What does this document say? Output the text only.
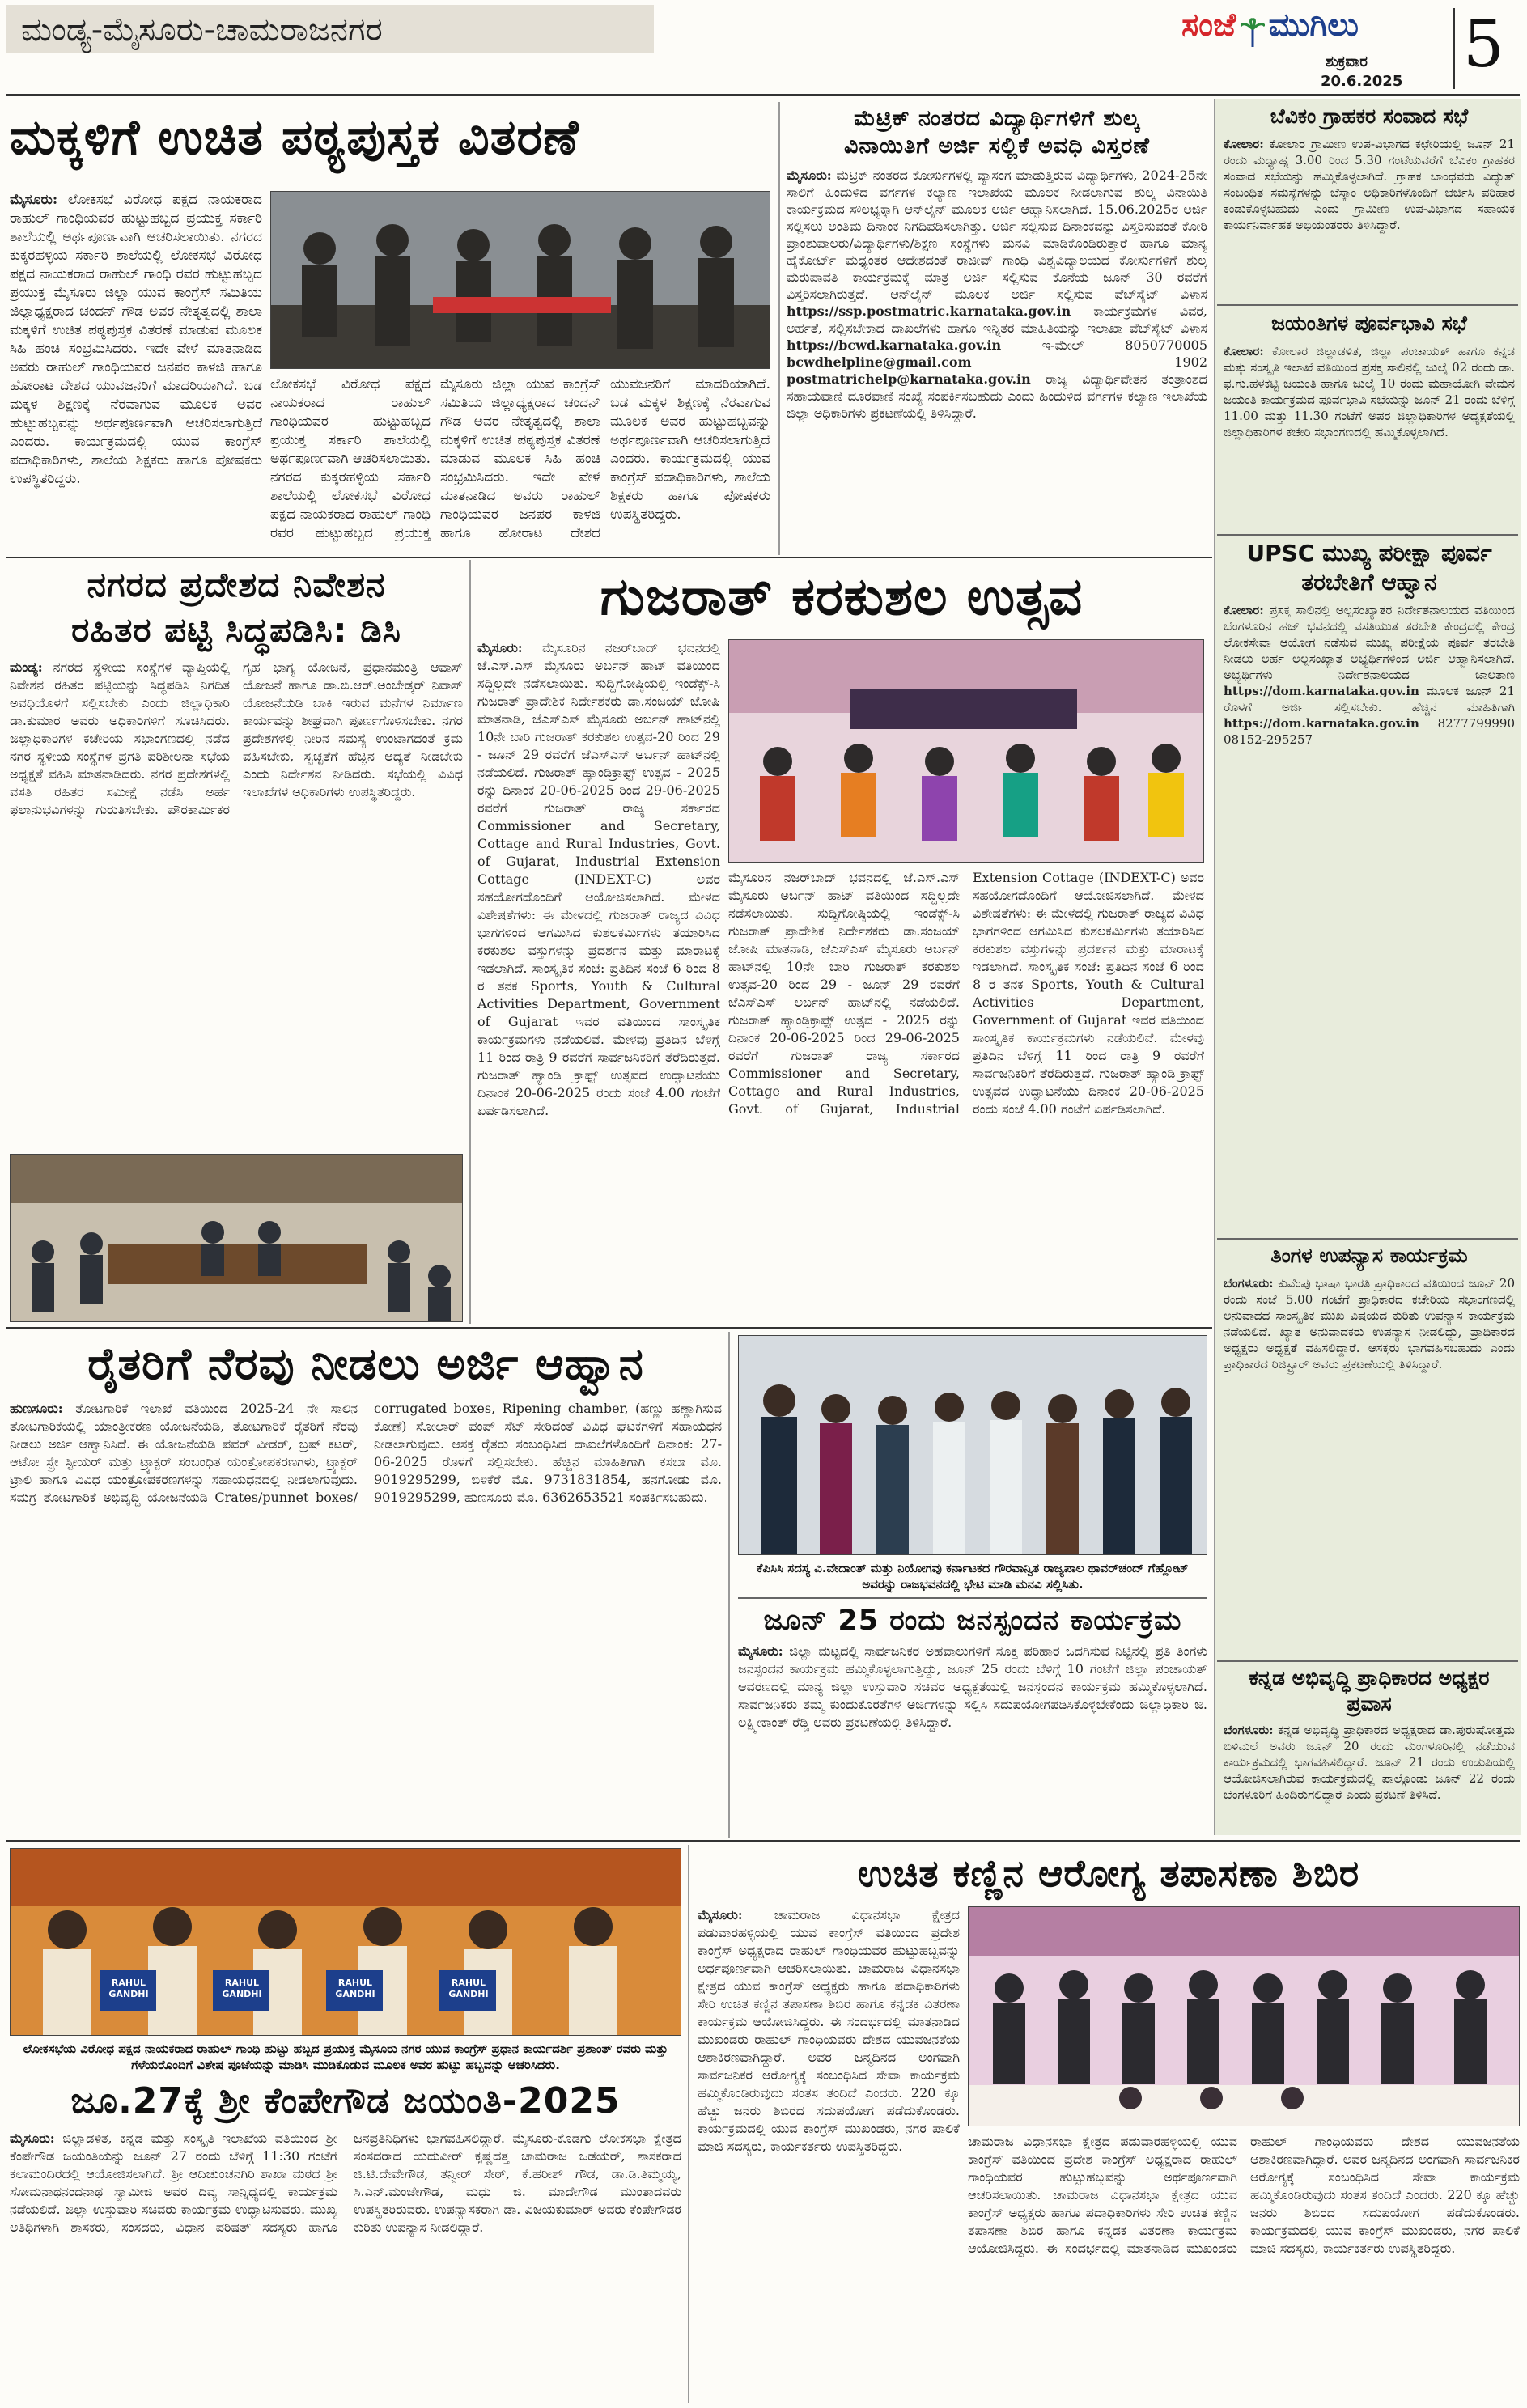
ಮಂಡ್ಯ-ಮೈಸೂರು-ಚಾಮರಾಜನಗರ	ಸಂಜೆ ಮುಗಿಲು
ಶುಕ್ರವಾರ
20.6.2025 5
ಮಕ್ಕಳಿಗೆ ಉಚಿತ ಪಠ್ಯಪುಸ್ತಕ ವಿತರಣೆ
ಮೈಸೂರು: ಲೋಕಸಭೆ ವಿರೋಧ ಪಕ್ಷದ ನಾಯಕರಾದ ರಾಹುಲ್ ಗಾಂಧಿಯವರ ಹುಟ್ಟುಹಬ್ಬದ ಪ್ರಯುಕ್ತ ಸರ್ಕಾರಿ ಶಾಲೆಯಲ್ಲಿ ಅರ್ಥಪೂರ್ಣವಾಗಿ ಆಚರಿಸಲಾಯಿತು. ನಗರದ ಕುಕ್ಕರಹಳ್ಳಿಯ ಸರ್ಕಾರಿ ಶಾಲೆಯಲ್ಲಿ ಲೋಕಸಭೆ ವಿರೋಧ ಪಕ್ಷದ ನಾಯಕರಾದ ರಾಹುಲ್ ಗಾಂಧಿ ರವರ ಹುಟ್ಟುಹಬ್ಬದ ಪ್ರಯುಕ್ತ ಮೈಸೂರು ಜಿಲ್ಲಾ ಯುವ ಕಾಂಗ್ರೆಸ್ ಸಮಿತಿಯ ಜಿಲ್ಲಾಧ್ಯಕ್ಷರಾದ ಚಂದನ್ ಗೌಡ ಅವರ ನೇತೃತ್ವದಲ್ಲಿ ಶಾಲಾ ಮಕ್ಕಳಿಗೆ ಉಚಿತ ಪಠ್ಯಪುಸ್ತಕ ವಿತರಣೆ ಮಾಡುವ ಮೂಲಕ ಸಿಹಿ ಹಂಚಿ ಸಂಭ್ರಮಿಸಿದರು. ಇದೇ ವೇಳೆ ಮಾತನಾಡಿದ ಅವರು ರಾಹುಲ್ ಗಾಂಧಿಯವರ ಜನಪರ ಕಾಳಜಿ ಹಾಗೂ ಹೋರಾಟ ದೇಶದ ಯುವಜನರಿಗೆ ಮಾದರಿಯಾಗಿದೆ. ಬಡ ಮಕ್ಕಳ ಶಿಕ್ಷಣಕ್ಕೆ ನೆರವಾಗುವ ಮೂಲಕ ಅವರ ಹುಟ್ಟುಹಬ್ಬವನ್ನು ಅರ್ಥಪೂರ್ಣವಾಗಿ ಆಚರಿಸಲಾಗುತ್ತಿದೆ ಎಂದರು. ಕಾರ್ಯಕ್ರಮದಲ್ಲಿ ಯುವ ಕಾಂಗ್ರೆಸ್ ಪದಾಧಿಕಾರಿಗಳು, ಶಾಲೆಯ ಶಿಕ್ಷಕರು ಹಾಗೂ ಪೋಷಕರು ಉಪಸ್ಥಿತರಿದ್ದರು.
ಲೋಕಸಭೆ ವಿರೋಧ ಪಕ್ಷದ ನಾಯಕರಾದ ರಾಹುಲ್ ಗಾಂಧಿಯವರ ಹುಟ್ಟುಹಬ್ಬದ ಪ್ರಯುಕ್ತ ಸರ್ಕಾರಿ ಶಾಲೆಯಲ್ಲಿ ಅರ್ಥಪೂರ್ಣವಾಗಿ ಆಚರಿಸಲಾಯಿತು. ನಗರದ ಕುಕ್ಕರಹಳ್ಳಿಯ ಸರ್ಕಾರಿ ಶಾಲೆಯಲ್ಲಿ ಲೋಕಸಭೆ ವಿರೋಧ ಪಕ್ಷದ ನಾಯಕರಾದ ರಾಹುಲ್ ಗಾಂಧಿ ರವರ ಹುಟ್ಟುಹಬ್ಬದ ಪ್ರಯುಕ್ತ ಮೈಸೂರು ಜಿಲ್ಲಾ ಯುವ ಕಾಂಗ್ರೆಸ್ ಸಮಿತಿಯ ಜಿಲ್ಲಾಧ್ಯಕ್ಷರಾದ ಚಂದನ್ ಗೌಡ ಅವರ ನೇತೃತ್ವದಲ್ಲಿ ಶಾಲಾ ಮಕ್ಕಳಿಗೆ ಉಚಿತ ಪಠ್ಯಪುಸ್ತಕ ವಿತರಣೆ ಮಾಡುವ ಮೂಲಕ ಸಿಹಿ ಹಂಚಿ ಸಂಭ್ರಮಿಸಿದರು. ಇದೇ ವೇಳೆ ಮಾತನಾಡಿದ ಅವರು ರಾಹುಲ್ ಗಾಂಧಿಯವರ ಜನಪರ ಕಾಳಜಿ ಹಾಗೂ ಹೋರಾಟ ದೇಶದ ಯುವಜನರಿಗೆ ಮಾದರಿಯಾಗಿದೆ. ಬಡ ಮಕ್ಕಳ ಶಿಕ್ಷಣಕ್ಕೆ ನೆರವಾಗುವ ಮೂಲಕ ಅವರ ಹುಟ್ಟುಹಬ್ಬವನ್ನು ಅರ್ಥಪೂರ್ಣವಾಗಿ ಆಚರಿಸಲಾಗುತ್ತಿದೆ ಎಂದರು. ಕಾರ್ಯಕ್ರಮದಲ್ಲಿ ಯುವ ಕಾಂಗ್ರೆಸ್ ಪದಾಧಿಕಾರಿಗಳು, ಶಾಲೆಯ ಶಿಕ್ಷಕರು ಹಾಗೂ ಪೋಷಕರು ಉಪಸ್ಥಿತರಿದ್ದರು.
ಮೆಟ್ರಿಕ್ ನಂತರದ ವಿದ್ಯಾರ್ಥಿಗಳಿಗೆ ಶುಲ್ಕ
ವಿನಾಯಿತಿಗೆ ಅರ್ಜಿ ಸಲ್ಲಿಕೆ ಅವಧಿ ವಿಸ್ತರಣೆ
ಮೈಸೂರು: ಮೆಟ್ರಿಕ್ ನಂತರದ ಕೋರ್ಸುಗಳಲ್ಲಿ ವ್ಯಾಸಂಗ ಮಾಡುತ್ತಿರುವ ವಿದ್ಯಾರ್ಥಿಗಳು, 2024-25ನೇ ಸಾಲಿಗೆ ಹಿಂದುಳಿದ ವರ್ಗಗಳ ಕಲ್ಯಾಣ ಇಲಾಖೆಯ ಮೂಲಕ ನೀಡಲಾಗುವ ಶುಲ್ಕ ವಿನಾಯಿತಿ ಕಾರ್ಯಕ್ರಮದ ಸೌಲಭ್ಯಕ್ಕಾಗಿ ಆನ್‌ಲೈನ್ ಮೂಲಕ ಅರ್ಜಿ ಆಹ್ವಾನಿಸಲಾಗಿದೆ. 15.06.2025ರ ಅರ್ಜಿ ಸಲ್ಲಿಸಲು ಅಂತಿಮ ದಿನಾಂಕ ನಿಗದಿಪಡಿಸಲಾಗಿತ್ತು. ಅರ್ಜಿ ಸಲ್ಲಿಸುವ ದಿನಾಂಕವನ್ನು ವಿಸ್ತರಿಸುವಂತೆ ಕೋರಿ ಪ್ರಾಂಶುಪಾಲರು/ವಿದ್ಯಾರ್ಥಿಗಳು/ಶಿಕ್ಷಣ ಸಂಸ್ಥೆಗಳು ಮನವಿ ಮಾಡಿಕೊಂಡಿರುತ್ತಾರೆ ಹಾಗೂ ಮಾನ್ಯ ಹೈಕೋರ್ಟ್ ಮಧ್ಯಂತರ ಆದೇಶದಂತೆ ರಾಜೀವ್ ಗಾಂಧಿ ವಿಶ್ವವಿದ್ಯಾಲಯದ ಕೋರ್ಸುಗಳಿಗೆ ಶುಲ್ಕ ಮರುಪಾವತಿ ಕಾರ್ಯಕ್ರಮಕ್ಕೆ ಮಾತ್ರ ಅರ್ಜಿ ಸಲ್ಲಿಸುವ ಕೊನೆಯ ಜೂನ್ 30 ರವರೆಗೆ ವಿಸ್ತರಿಸಲಾಗಿರುತ್ತದೆ. ಆನ್‌ಲೈನ್ ಮೂಲಕ ಅರ್ಜಿ ಸಲ್ಲಿಸುವ ವೆಬ್‌ಸೈಟ್ ವಿಳಾಸ https://ssp.postmatric.karnataka.gov.in ಕಾರ್ಯಕ್ರಮಗಳ ವಿವರ, ಅರ್ಹತೆ, ಸಲ್ಲಿಸಬೇಕಾದ ದಾಖಲೆಗಳು ಹಾಗೂ ಇನ್ನಿತರ ಮಾಹಿತಿಯನ್ನು ಇಲಾಖಾ ವೆಬ್‌ಸೈಟ್ ವಿಳಾಸ https://bcwd.karnataka.gov.in	ಇ-ಮೇಲ್	8050770005 bcwdhelpline@gmail.com	1902 postmatrichelp@karnataka.gov.in ರಾಜ್ಯ ವಿದ್ಯಾರ್ಥಿವೇತನ ತಂತ್ರಾಂಶದ ಸಹಾಯವಾಣಿ ದೂರವಾಣಿ ಸಂಖ್ಯೆ ಸಂಪರ್ಕಿಸಬಹುದು ಎಂದು ಹಿಂದುಳಿದ ವರ್ಗಗಳ ಕಲ್ಯಾಣ ಇಲಾಖೆಯ ಜಿಲ್ಲಾ ಅಧಿಕಾರಿಗಳು ಪ್ರಕಟಣೆಯಲ್ಲಿ ತಿಳಿಸಿದ್ದಾರೆ.
ಬೆವಿಕಂ ಗ್ರಾಹಕರ ಸಂವಾದ ಸಭೆ
ಕೋಲಾರ: ಕೋಲಾರ ಗ್ರಾಮೀಣ ಉಪ-ವಿಭಾಗದ ಕಛೇರಿಯಲ್ಲಿ ಜೂನ್ 21 ರಂದು ಮಧ್ಯಾಹ್ನ 3.00 ರಿಂದ 5.30 ಗಂಟೆಯವರೆಗೆ ಬೆವಿಕಂ ಗ್ರಾಹಕರ ಸಂವಾದ ಸಭೆಯನ್ನು ಹಮ್ಮಿಕೊಳ್ಳಲಾಗಿದೆ. ಗ್ರಾಹಕ ಬಾಂಧವರು ವಿದ್ಯುತ್ ಸಂಬಂಧಿತ ಸಮಸ್ಯೆಗಳನ್ನು ಬೆಸ್ಕಾಂ ಅಧಿಕಾರಿಗಳೊಂದಿಗೆ ಚರ್ಚಿಸಿ ಪರಿಹಾರ ಕಂಡುಕೊಳ್ಳಬಹುದು ಎಂದು ಗ್ರಾಮೀಣ ಉಪ-ವಿಭಾಗದ ಸಹಾಯಕ ಕಾರ್ಯನಿರ್ವಾಹಕ ಅಭಿಯಂತರರು ತಿಳಿಸಿದ್ದಾರೆ.
ಜಯಂತಿಗಳ ಪೂರ್ವಭಾವಿ ಸಭೆ
ಕೋಲಾರ: ಕೋಲಾರ ಜಿಲ್ಲಾಡಳಿತ, ಜಿಲ್ಲಾ ಪಂಚಾಯತ್ ಹಾಗೂ ಕನ್ನಡ ಮತ್ತು ಸಂಸ್ಕೃತಿ ಇಲಾಖೆ ವತಿಯಿಂದ ಪ್ರಸಕ್ತ ಸಾಲಿನಲ್ಲಿ ಜುಲೈ 02 ರಂದು ಡಾ. ಫ.ಗು.ಹಳಕಟ್ಟಿ ಜಯಂತಿ ಹಾಗೂ ಜುಲೈ 10 ರಂದು ಮಹಾಯೋಗಿ ವೇಮನ ಜಯಂತಿ ಕಾರ್ಯಕ್ರಮದ ಪೂರ್ವಭಾವಿ ಸಭೆಯನ್ನು ಜೂನ್ 21 ರಂದು ಬೆಳಿಗ್ಗೆ 11.00 ಮತ್ತು 11.30 ಗಂಟೆಗೆ ಅಪರ ಜಿಲ್ಲಾಧಿಕಾರಿಗಳ ಅಧ್ಯಕ್ಷತೆಯಲ್ಲಿ ಜಿಲ್ಲಾಧಿಕಾರಿಗಳ ಕಚೇರಿ ಸಭಾಂಗಣದಲ್ಲಿ ಹಮ್ಮಿಕೊಳ್ಳಲಾಗಿದೆ.
UPSC ಮುಖ್ಯ ಪರೀಕ್ಷಾ ಪೂರ್ವ ತರಬೇತಿಗೆ ಆಹ್ವಾನ
ಕೋಲಾರ: ಪ್ರಸಕ್ತ ಸಾಲಿನಲ್ಲಿ ಅಲ್ಪಸಂಖ್ಯಾತರ ನಿರ್ದೇಶನಾಲಯದ ವತಿಯಿಂದ ಬೆಂಗಳೂರಿನ ಹಜ್ ಭವನದಲ್ಲಿ ವಸತಿಯುತ ತರಬೇತಿ ಕೇಂದ್ರದಲ್ಲಿ ಕೇಂದ್ರ ಲೋಕಸೇವಾ ಆಯೋಗ ನಡೆಸುವ ಮುಖ್ಯ ಪರೀಕ್ಷೆಯ ಪೂರ್ವ ತರಬೇತಿ ನೀಡಲು ಅರ್ಹ ಅಲ್ಪಸಂಖ್ಯಾತ ಅಭ್ಯರ್ಥಿಗಳಿಂದ ಅರ್ಜಿ ಆಹ್ವಾನಿಸಲಾಗಿದೆ. ಅಭ್ಯರ್ಥಿಗಳು ನಿರ್ದೇಶನಾಲಯದ ಜಾಲತಾಣ https://dom.karnataka.gov.in ಮೂಲಕ ಜೂನ್ 21 ರೊಳಗೆ ಅರ್ಜಿ ಸಲ್ಲಿಸಬೇಕು. ಹೆಚ್ಚಿನ ಮಾಹಿತಿಗಾಗಿ https://dom.karnataka.gov.in 8277799990 08152-295257
ತಿಂಗಳ ಉಪನ್ಯಾಸ ಕಾರ್ಯಕ್ರಮ
ಬೆಂಗಳೂರು: ಕುವೆಂಪು ಭಾಷಾ ಭಾರತಿ ಪ್ರಾಧಿಕಾರದ ವತಿಯಿಂದ ಜೂನ್ 20 ರಂದು ಸಂಜೆ 5.00 ಗಂಟೆಗೆ ಪ್ರಾಧಿಕಾರದ ಕಚೇರಿಯ ಸಭಾಂಗಣದಲ್ಲಿ ಅನುವಾದದ ಸಾಂಸ್ಕೃತಿಕ ಮುಖ ವಿಷಯದ ಕುರಿತು ಉಪನ್ಯಾಸ ಕಾರ್ಯಕ್ರಮ ನಡೆಯಲಿದೆ. ಖ್ಯಾತ ಅನುವಾದಕರು ಉಪನ್ಯಾಸ ನೀಡಲಿದ್ದು, ಪ್ರಾಧಿಕಾರದ ಅಧ್ಯಕ್ಷರು ಅಧ್ಯಕ್ಷತೆ ವಹಿಸಲಿದ್ದಾರೆ. ಆಸಕ್ತರು ಭಾಗವಹಿಸಬಹುದು ಎಂದು ಪ್ರಾಧಿಕಾರದ ರಿಜಿಸ್ಟ್ರಾರ್ ಅವರು ಪ್ರಕಟಣೆಯಲ್ಲಿ ತಿಳಿಸಿದ್ದಾರೆ.
ಕನ್ನಡ ಅಭಿವೃದ್ಧಿ ಪ್ರಾಧಿಕಾರದ ಅಧ್ಯಕ್ಷರ ಪ್ರವಾಸ
ಬೆಂಗಳೂರು: ಕನ್ನಡ ಅಭಿವೃದ್ಧಿ ಪ್ರಾಧಿಕಾರದ ಅಧ್ಯಕ್ಷರಾದ ಡಾ.ಪುರುಷೋತ್ತಮ ಬಿಳಿಮಲೆ ಅವರು ಜೂನ್ 20 ರಂದು ಮಂಗಳೂರಿನಲ್ಲಿ ನಡೆಯುವ ಕಾರ್ಯಕ್ರಮದಲ್ಲಿ ಭಾಗವಹಿಸಲಿದ್ದಾರೆ. ಜೂನ್ 21 ರಂದು ಉಡುಪಿಯಲ್ಲಿ ಆಯೋಜಿಸಲಾಗಿರುವ ಕಾರ್ಯಕ್ರಮದಲ್ಲಿ ಪಾಲ್ಗೊಂಡು ಜೂನ್ 22 ರಂದು ಬೆಂಗಳೂರಿಗೆ ಹಿಂದಿರುಗಲಿದ್ದಾರೆ ಎಂದು ಪ್ರಕಟಣೆ ತಿಳಿಸಿದೆ.
ನಗರದ ಪ್ರದೇಶದ ನಿವೇಶನ
ರಹಿತರ ಪಟ್ಟಿ ಸಿದ್ಧಪಡಿಸಿ: ಡಿಸಿ
ಮಂಡ್ಯ: ನಗರದ ಸ್ಥಳೀಯ ಸಂಸ್ಥೆಗಳ ವ್ಯಾಪ್ತಿಯಲ್ಲಿ ನಿವೇಶನ ರಹಿತರ ಪಟ್ಟಿಯನ್ನು ಸಿದ್ಧಪಡಿಸಿ ನಿಗದಿತ ಅವಧಿಯೊಳಗೆ ಸಲ್ಲಿಸಬೇಕು ಎಂದು ಜಿಲ್ಲಾಧಿಕಾರಿ ಡಾ.ಕುಮಾರ ಅವರು ಅಧಿಕಾರಿಗಳಿಗೆ ಸೂಚಿಸಿದರು. ಜಿಲ್ಲಾಧಿಕಾರಿಗಳ ಕಚೇರಿಯ ಸಭಾಂಗಣದಲ್ಲಿ ನಡೆದ ನಗರ ಸ್ಥಳೀಯ ಸಂಸ್ಥೆಗಳ ಪ್ರಗತಿ ಪರಿಶೀಲನಾ ಸಭೆಯ ಅಧ್ಯಕ್ಷತೆ ವಹಿಸಿ ಮಾತನಾಡಿದರು. ನಗರ ಪ್ರದೇಶಗಳಲ್ಲಿ ವಸತಿ ರಹಿತರ ಸಮೀಕ್ಷೆ ನಡೆಸಿ ಅರ್ಹ ಫಲಾನುಭವಿಗಳನ್ನು ಗುರುತಿಸಬೇಕು. ಪೌರಕಾರ್ಮಿಕರ ಗೃಹ ಭಾಗ್ಯ ಯೋಜನೆ, ಪ್ರಧಾನಮಂತ್ರಿ ಆವಾಸ್ ಯೋಜನೆ ಹಾಗೂ ಡಾ.ಬಿ.ಆರ್.ಅಂಬೇಡ್ಕರ್ ನಿವಾಸ್ ಯೋಜನೆಯಡಿ ಬಾಕಿ ಇರುವ ಮನೆಗಳ ನಿರ್ಮಾಣ ಕಾರ್ಯವನ್ನು ಶೀಘ್ರವಾಗಿ ಪೂರ್ಣಗೊಳಿಸಬೇಕು. ನಗರ ಪ್ರದೇಶಗಳಲ್ಲಿ ನೀರಿನ ಸಮಸ್ಯೆ ಉಂಟಾಗದಂತೆ ಕ್ರಮ ವಹಿಸಬೇಕು, ಸ್ವಚ್ಛತೆಗೆ ಹೆಚ್ಚಿನ ಆದ್ಯತೆ ನೀಡಬೇಕು ಎಂದು ನಿರ್ದೇಶನ ನೀಡಿದರು. ಸಭೆಯಲ್ಲಿ ವಿವಿಧ ಇಲಾಖೆಗಳ ಅಧಿಕಾರಿಗಳು ಉಪಸ್ಥಿತರಿದ್ದರು.
ಗುಜರಾತ್ ಕರಕುಶಲ ಉತ್ಸವ
ಮೈಸೂರು: ಮೈಸೂರಿನ ನಜರ್‌ಬಾದ್ ಭವನದಲ್ಲಿ ಜೆ.ಎಸ್.ಎಸ್ ಮೈಸೂರು ಅರ್ಬನ್ ಹಾಟ್ ವತಿಯಿಂದ ಸದ್ದಿಲ್ಲದೇ ನಡೆಸಲಾಯಿತು. ಸುದ್ದಿಗೋಷ್ಠಿಯಲ್ಲಿ ಇಂಡೆಕ್ಸ್-ಸಿ ಗುಜರಾತ್ ಪ್ರಾದೇಶಿಕ ನಿರ್ದೇಶಕರು ಡಾ.ಸಂಜಯ್ ಜೋಷಿ ಮಾತನಾಡಿ, ಜೆಎಸ್‌ಎಸ್ ಮೈಸೂರು ಅರ್ಬನ್ ಹಾಟ್‌ನಲ್ಲಿ 10ನೇ ಬಾರಿ ಗುಜರಾತ್ ಕರಕುಶಲ ಉತ್ಸವ-20 ರಿಂದ 29 - ಜೂನ್ 29 ರವರೆಗೆ ಜೆಎಸ್‌ಎಸ್ ಅರ್ಬನ್ ಹಾಟ್‌ನಲ್ಲಿ ನಡೆಯಲಿದೆ. ಗುಜರಾತ್ ಹ್ಯಾಂಡಿಕ್ರಾಫ್ಟ್ ಉತ್ಸವ - 2025 ರನ್ನು ದಿನಾಂಕ 20-06-2025 ರಿಂದ 29-06-2025 ರವರೆಗೆ ಗುಜರಾತ್ ರಾಜ್ಯ ಸರ್ಕಾರದ Commissioner and Secretary, Cottage and Rural Industries, Govt. of Gujarat, Industrial Extension Cottage (INDEXT-C) ಅವರ ಸಹಯೋಗದೊಂದಿಗೆ ಆಯೋಜಿಸಲಾಗಿದೆ. ಮೇಳದ ವಿಶೇಷತೆಗಳು: ಈ ಮೇಳದಲ್ಲಿ ಗುಜರಾತ್ ರಾಜ್ಯದ ವಿವಿಧ ಭಾಗಗಳಿಂದ ಆಗಮಿಸಿದ ಕುಶಲಕರ್ಮಿಗಳು ತಯಾರಿಸಿದ ಕರಕುಶಲ ವಸ್ತುಗಳನ್ನು ಪ್ರದರ್ಶನ ಮತ್ತು ಮಾರಾಟಕ್ಕೆ ಇಡಲಾಗಿದೆ. ಸಾಂಸ್ಕೃತಿಕ ಸಂಜೆ: ಪ್ರತಿದಿನ ಸಂಜೆ 6 ರಿಂದ 8 ರ ತನಕ Sports, Youth & Cultural Activities Department, Government of Gujarat ಇವರ ವತಿಯಿಂದ ಸಾಂಸ್ಕೃತಿಕ ಕಾರ್ಯಕ್ರಮಗಳು ನಡೆಯಲಿವೆ. ಮೇಳವು ಪ್ರತಿದಿನ ಬೆಳಿಗ್ಗೆ 11 ರಿಂದ ರಾತ್ರಿ 9 ರವರೆಗೆ ಸಾರ್ವಜನಿಕರಿಗೆ ತೆರೆದಿರುತ್ತದೆ. ಗುಜರಾತ್ ಹ್ಯಾಂಡಿ ಕ್ರಾಫ್ಟ್ ಉತ್ಸವದ ಉದ್ಘಾಟನೆಯು ದಿನಾಂಕ 20-06-2025 ರಂದು ಸಂಜೆ 4.00 ಗಂಟೆಗೆ ಏರ್ಪಡಿಸಲಾಗಿದೆ.
ಮೈಸೂರಿನ ನಜರ್‌ಬಾದ್ ಭವನದಲ್ಲಿ ಜೆ.ಎಸ್.ಎಸ್ ಮೈಸೂರು ಅರ್ಬನ್ ಹಾಟ್ ವತಿಯಿಂದ ಸದ್ದಿಲ್ಲದೇ ನಡೆಸಲಾಯಿತು. ಸುದ್ದಿಗೋಷ್ಠಿಯಲ್ಲಿ ಇಂಡೆಕ್ಸ್-ಸಿ ಗುಜರಾತ್ ಪ್ರಾದೇಶಿಕ ನಿರ್ದೇಶಕರು ಡಾ.ಸಂಜಯ್ ಜೋಷಿ ಮಾತನಾಡಿ, ಜೆಎಸ್‌ಎಸ್ ಮೈಸೂರು ಅರ್ಬನ್ ಹಾಟ್‌ನಲ್ಲಿ 10ನೇ ಬಾರಿ ಗುಜರಾತ್ ಕರಕುಶಲ ಉತ್ಸವ-20 ರಿಂದ 29 - ಜೂನ್ 29 ರವರೆಗೆ ಜೆಎಸ್‌ಎಸ್ ಅರ್ಬನ್ ಹಾಟ್‌ನಲ್ಲಿ ನಡೆಯಲಿದೆ. ಗುಜರಾತ್ ಹ್ಯಾಂಡಿಕ್ರಾಫ್ಟ್ ಉತ್ಸವ - 2025 ರನ್ನು ದಿನಾಂಕ 20-06-2025 ರಿಂದ 29-06-2025 ರವರೆಗೆ ಗುಜರಾತ್ ರಾಜ್ಯ ಸರ್ಕಾರದ Commissioner and Secretary, Cottage and Rural Industries, Govt. of Gujarat, Industrial Extension Cottage (INDEXT-C) ಅವರ ಸಹಯೋಗದೊಂದಿಗೆ ಆಯೋಜಿಸಲಾಗಿದೆ. ಮೇಳದ ವಿಶೇಷತೆಗಳು: ಈ ಮೇಳದಲ್ಲಿ ಗುಜರಾತ್ ರಾಜ್ಯದ ವಿವಿಧ ಭಾಗಗಳಿಂದ ಆಗಮಿಸಿದ ಕುಶಲಕರ್ಮಿಗಳು ತಯಾರಿಸಿದ ಕರಕುಶಲ ವಸ್ತುಗಳನ್ನು ಪ್ರದರ್ಶನ ಮತ್ತು ಮಾರಾಟಕ್ಕೆ ಇಡಲಾಗಿದೆ. ಸಾಂಸ್ಕೃತಿಕ ಸಂಜೆ: ಪ್ರತಿದಿನ ಸಂಜೆ 6 ರಿಂದ 8 ರ ತನಕ Sports, Youth & Cultural Activities Department, Government of Gujarat ಇವರ ವತಿಯಿಂದ ಸಾಂಸ್ಕೃತಿಕ ಕಾರ್ಯಕ್ರಮಗಳು ನಡೆಯಲಿವೆ. ಮೇಳವು ಪ್ರತಿದಿನ ಬೆಳಿಗ್ಗೆ 11 ರಿಂದ ರಾತ್ರಿ 9 ರವರೆಗೆ ಸಾರ್ವಜನಿಕರಿಗೆ ತೆರೆದಿರುತ್ತದೆ. ಗುಜರಾತ್ ಹ್ಯಾಂಡಿ ಕ್ರಾಫ್ಟ್ ಉತ್ಸವದ ಉದ್ಘಾಟನೆಯು ದಿನಾಂಕ 20-06-2025 ರಂದು ಸಂಜೆ 4.00 ಗಂಟೆಗೆ ಏರ್ಪಡಿಸಲಾಗಿದೆ.
ರೈತರಿಗೆ ನೆರವು ನೀಡಲು ಅರ್ಜಿ ಆಹ್ವಾನ
ಹುಣಸೂರು: ತೋಟಗಾರಿಕೆ ಇಲಾಖೆ ವತಿಯಿಂದ 2025-24 ನೇ ಸಾಲಿನ ತೋಟಗಾರಿಕೆಯಲ್ಲಿ ಯಾಂತ್ರೀಕರಣ ಯೋಜನೆಯಡಿ, ತೋಟಗಾರಿಕೆ ರೈತರಿಗೆ ನೆರವು ನೀಡಲು ಅರ್ಜಿ ಆಹ್ವಾನಿಸಿದೆ. ಈ ಯೋಜನೆಯಡಿ ಪವರ್ ವೀಡರ್, ಬ್ರಷ್ ಕಟರ್, ಆಟೋ ಸ್ಪ್ರೇ ಸ್ಟೀಯರ್ ಮತ್ತು ಟ್ರ್ಯಾಕ್ಟರ್ ಸಂಬಂಧಿತ ಯಂತ್ರೋಪಕರಣಗಳು, ಟ್ರ್ಯಾಕ್ಟರ್ ಟ್ರಾಲಿ ಹಾಗೂ ವಿವಿಧ ಯಂತ್ರೋಪಕರಣಗಳನ್ನು ಸಹಾಯಧನದಲ್ಲಿ ನೀಡಲಾಗುವುದು. ಸಮಗ್ರ ತೋಟಗಾರಿಕೆ ಅಭಿವೃದ್ಧಿ ಯೋಜನೆಯಡಿ Crates/punnet boxes/ corrugated boxes, Ripening chamber, (ಹಣ್ಣು ಹಣ್ಣಾಗಿಸುವ ಕೋಣೆ) ಸೋಲಾರ್ ಪಂಪ್ ಸೆಟ್ ಸೇರಿದಂತೆ ವಿವಿಧ ಘಟಕಗಳಿಗೆ ಸಹಾಯಧನ ನೀಡಲಾಗುವುದು. ಆಸಕ್ತ ರೈತರು ಸಂಬಂಧಿಸಿದ ದಾಖಲೆಗಳೊಂದಿಗೆ ದಿನಾಂಕ: 27-06-2025 ರೊಳಗೆ ಸಲ್ಲಿಸಬೇಕು. ಹೆಚ್ಚಿನ ಮಾಹಿತಿಗಾಗಿ ಕಸಬಾ ಮೊ. 9019295299, ಬಿಳಿಕೆರೆ ಮೊ. 9731831854, ಹನಗೋಡು ಮೊ. 9019295299, ಹುಣಸೂರು ಮೊ. 6362653521 ಸಂಪರ್ಕಿಸಬಹುದು.
ಕೆಪಿಸಿಸಿ ಸದಸ್ಯ ವಿ.ವೇದಾಂತ್ ಮತ್ತು ನಿಯೋಗವು ಕರ್ನಾಟಕದ ಗೌರವಾನ್ವಿತ ರಾಜ್ಯಪಾಲ ಥಾವರ್‌ಚಂದ್ ಗೆಹ್ಲೋಟ್ ಅವರನ್ನು ರಾಜಭವನದಲ್ಲಿ ಭೇಟಿ ಮಾಡಿ ಮನವಿ ಸಲ್ಲಿಸಿತು.
ಜೂನ್ 25 ರಂದು ಜನಸ್ಪಂದನ ಕಾರ್ಯಕ್ರಮ
ಮೈಸೂರು: ಜಿಲ್ಲಾ ಮಟ್ಟದಲ್ಲಿ ಸಾರ್ವಜನಿಕರ ಅಹವಾಲುಗಳಿಗೆ ಸೂಕ್ತ ಪರಿಹಾರ ಒದಗಿಸುವ ನಿಟ್ಟಿನಲ್ಲಿ ಪ್ರತಿ ತಿಂಗಳು ಜನಸ್ಪಂದನ ಕಾರ್ಯಕ್ರಮ ಹಮ್ಮಿಕೊಳ್ಳಲಾಗುತ್ತಿದ್ದು, ಜೂನ್ 25 ರಂದು ಬೆಳಿಗ್ಗೆ 10 ಗಂಟೆಗೆ ಜಿಲ್ಲಾ ಪಂಚಾಯತ್ ಆವರಣದಲ್ಲಿ ಮಾನ್ಯ ಜಿಲ್ಲಾ ಉಸ್ತುವಾರಿ ಸಚಿವರ ಅಧ್ಯಕ್ಷತೆಯಲ್ಲಿ ಜನಸ್ಪಂದನ ಕಾರ್ಯಕ್ರಮ ಹಮ್ಮಿಕೊಳ್ಳಲಾಗಿದೆ. ಸಾರ್ವಜನಿಕರು ತಮ್ಮ ಕುಂದುಕೊರತೆಗಳ ಅರ್ಜಿಗಳನ್ನು ಸಲ್ಲಿಸಿ ಸದುಪಯೋಗಪಡಿಸಿಕೊಳ್ಳಬೇಕೆಂದು ಜಿಲ್ಲಾಧಿಕಾರಿ ಜಿ. ಲಕ್ಷ್ಮೀಕಾಂತ್ ರೆಡ್ಡಿ ಅವರು ಪ್ರಕಟಣೆಯಲ್ಲಿ ತಿಳಿಸಿದ್ದಾರೆ.
RAHUL GANDHI
RAHUL GANDHI
RAHUL GANDHI
RAHUL GANDHI
ಲೋಕಸಭೆಯ ವಿರೋಧ ಪಕ್ಷದ ನಾಯಕರಾದ ರಾಹುಲ್ ಗಾಂಧಿ ಹುಟ್ಟು ಹಬ್ಬದ ಪ್ರಯುಕ್ತ ಮೈಸೂರು ನಗರ ಯುವ ಕಾಂಗ್ರೆಸ್ ಪ್ರಧಾನ ಕಾರ್ಯದರ್ಶಿ ಪ್ರಶಾಂತ್ ರವರು ಮತ್ತು ಗೆಳೆಯರೊಂದಿಗೆ ವಿಶೇಷ ಪೂಜೆಯನ್ನು ಮಾಡಿಸಿ ಮುಡಿಕೊಡುವ ಮೂಲಕ ಅವರ ಹುಟ್ಟು ಹಬ್ಬವನ್ನು ಆಚರಿಸಿದರು.
ಜೂ.27ಕ್ಕೆ ಶ್ರೀ ಕೆಂಪೇಗೌಡ ಜಯಂತಿ-2025
ಮೈಸೂರು: ಜಿಲ್ಲಾಡಳಿತ, ಕನ್ನಡ ಮತ್ತು ಸಂಸ್ಕೃತಿ ಇಲಾಖೆಯ ವತಿಯಿಂದ ಶ್ರೀ ಕೆಂಪೇಗೌಡ ಜಯಂತಿಯನ್ನು ಜೂನ್ 27 ರಂದು ಬೆಳಿಗ್ಗೆ 11:30 ಗಂಟೆಗೆ ಕಲಾಮಂದಿರದಲ್ಲಿ ಆಯೋಜಿಸಲಾಗಿದೆ. ಶ್ರೀ ಆದಿಚುಂಚನಗಿರಿ ಶಾಖಾ ಮಠದ ಶ್ರೀ ಸೋಮನಾಥನಂದನಾಥ ಸ್ವಾಮೀಜಿ ಅವರ ದಿವ್ಯ ಸಾನ್ನಿಧ್ಯದಲ್ಲಿ ಕಾರ್ಯಕ್ರಮ ನಡೆಯಲಿದೆ. ಜಿಲ್ಲಾ ಉಸ್ತುವಾರಿ ಸಚಿವರು ಕಾರ್ಯಕ್ರಮ ಉದ್ಘಾಟಿಸುವರು. ಮುಖ್ಯ ಅತಿಥಿಗಳಾಗಿ ಶಾಸಕರು, ಸಂಸದರು, ವಿಧಾನ ಪರಿಷತ್ ಸದಸ್ಯರು ಹಾಗೂ ಜನಪ್ರತಿನಿಧಿಗಳು ಭಾಗವಹಿಸಲಿದ್ದಾರೆ. ಮೈಸೂರು-ಕೊಡಗು ಲೋಕಸಭಾ ಕ್ಷೇತ್ರದ ಸಂಸದರಾದ ಯದುವೀರ್ ಕೃಷ್ಣದತ್ತ ಚಾಮರಾಜ ಒಡೆಯರ್, ಶಾಸಕರಾದ ಜಿ.ಟಿ.ದೇವೇಗೌಡ, ತನ್ವೀರ್ ಸೇಠ್, ಕೆ.ಹರೀಶ್ ಗೌಡ, ಡಾ.ಡಿ.ತಿಮ್ಮಯ್ಯ, ಸಿ.ಎನ್.ಮಂಜೇಗೌಡ, ಮಧು ಜಿ. ಮಾದೇಗೌಡ ಮುಂತಾದವರು ಉಪಸ್ಥಿತರಿರುವರು. ಉಪನ್ಯಾಸಕರಾಗಿ ಡಾ. ವಿಜಯಕುಮಾರ್ ಅವರು ಕೆಂಪೇಗೌಡರ ಕುರಿತು ಉಪನ್ಯಾಸ ನೀಡಲಿದ್ದಾರೆ.
ಉಚಿತ ಕಣ್ಣಿನ ಆರೋಗ್ಯ ತಪಾಸಣಾ ಶಿಬಿರ
ಮೈಸೂರು: ಚಾಮರಾಜ ವಿಧಾನಸಭಾ ಕ್ಷೇತ್ರದ ಪಡುವಾರಹಳ್ಳಿಯಲ್ಲಿ ಯುವ ಕಾಂಗ್ರೆಸ್ ವತಿಯಿಂದ ಪ್ರದೇಶ ಕಾಂಗ್ರೆಸ್ ಅಧ್ಯಕ್ಷರಾದ ರಾಹುಲ್ ಗಾಂಧಿಯವರ ಹುಟ್ಟುಹಬ್ಬವನ್ನು ಅರ್ಥಪೂರ್ಣವಾಗಿ ಆಚರಿಸಲಾಯಿತು. ಚಾಮರಾಜ ವಿಧಾನಸಭಾ ಕ್ಷೇತ್ರದ ಯುವ ಕಾಂಗ್ರೆಸ್ ಅಧ್ಯಕ್ಷರು ಹಾಗೂ ಪದಾಧಿಕಾರಿಗಳು ಸೇರಿ ಉಚಿತ ಕಣ್ಣಿನ ತಪಾಸಣಾ ಶಿಬಿರ ಹಾಗೂ ಕನ್ನಡಕ ವಿತರಣಾ ಕಾರ್ಯಕ್ರಮ ಆಯೋಜಿಸಿದ್ದರು. ಈ ಸಂದರ್ಭದಲ್ಲಿ ಮಾತನಾಡಿದ ಮುಖಂಡರು ರಾಹುಲ್ ಗಾಂಧಿಯವರು ದೇಶದ ಯುವಜನತೆಯ ಆಶಾಕಿರಣವಾಗಿದ್ದಾರೆ. ಅವರ ಜನ್ಮದಿನದ ಅಂಗವಾಗಿ ಸಾರ್ವಜನಿಕರ ಆರೋಗ್ಯಕ್ಕೆ ಸಂಬಂಧಿಸಿದ ಸೇವಾ ಕಾರ್ಯಕ್ರಮ ಹಮ್ಮಿಕೊಂಡಿರುವುದು ಸಂತಸ ತಂದಿದೆ ಎಂದರು. 220 ಕ್ಕೂ ಹೆಚ್ಚು ಜನರು ಶಿಬಿರದ ಸದುಪಯೋಗ ಪಡೆದುಕೊಂಡರು. ಕಾರ್ಯಕ್ರಮದಲ್ಲಿ ಯುವ ಕಾಂಗ್ರೆಸ್ ಮುಖಂಡರು, ನಗರ ಪಾಲಿಕೆ ಮಾಜಿ ಸದಸ್ಯರು, ಕಾರ್ಯಕರ್ತರು ಉಪಸ್ಥಿತರಿದ್ದರು.	ಚಾಮರಾಜ ವಿಧಾನಸಭಾ ಕ್ಷೇತ್ರದ ಪಡುವಾರಹಳ್ಳಿಯಲ್ಲಿ ಯುವ ಕಾಂಗ್ರೆಸ್ ವತಿಯಿಂದ ಪ್ರದೇಶ ಕಾಂಗ್ರೆಸ್ ಅಧ್ಯಕ್ಷರಾದ ರಾಹುಲ್ ಗಾಂಧಿಯವರ ಹುಟ್ಟುಹಬ್ಬವನ್ನು ಅರ್ಥಪೂರ್ಣವಾಗಿ ಆಚರಿಸಲಾಯಿತು. ಚಾಮರಾಜ ವಿಧಾನಸಭಾ ಕ್ಷೇತ್ರದ ಯುವ ಕಾಂಗ್ರೆಸ್ ಅಧ್ಯಕ್ಷರು ಹಾಗೂ ಪದಾಧಿಕಾರಿಗಳು ಸೇರಿ ಉಚಿತ ಕಣ್ಣಿನ ತಪಾಸಣಾ ಶಿಬಿರ ಹಾಗೂ ಕನ್ನಡಕ ವಿತರಣಾ ಕಾರ್ಯಕ್ರಮ ಆಯೋಜಿಸಿದ್ದರು. ಈ ಸಂದರ್ಭದಲ್ಲಿ ಮಾತನಾಡಿದ ಮುಖಂಡರು ರಾಹುಲ್ ಗಾಂಧಿಯವರು ದೇಶದ ಯುವಜನತೆಯ ಆಶಾಕಿರಣವಾಗಿದ್ದಾರೆ. ಅವರ ಜನ್ಮದಿನದ ಅಂಗವಾಗಿ ಸಾರ್ವಜನಿಕರ ಆರೋಗ್ಯಕ್ಕೆ ಸಂಬಂಧಿಸಿದ ಸೇವಾ ಕಾರ್ಯಕ್ರಮ ಹಮ್ಮಿಕೊಂಡಿರುವುದು ಸಂತಸ ತಂದಿದೆ ಎಂದರು. 220 ಕ್ಕೂ ಹೆಚ್ಚು ಜನರು ಶಿಬಿರದ ಸದುಪಯೋಗ ಪಡೆದುಕೊಂಡರು. ಕಾರ್ಯಕ್ರಮದಲ್ಲಿ ಯುವ ಕಾಂಗ್ರೆಸ್ ಮುಖಂಡರು, ನಗರ ಪಾಲಿಕೆ ಮಾಜಿ ಸದಸ್ಯರು, ಕಾರ್ಯಕರ್ತರು ಉಪಸ್ಥಿತರಿದ್ದರು.
